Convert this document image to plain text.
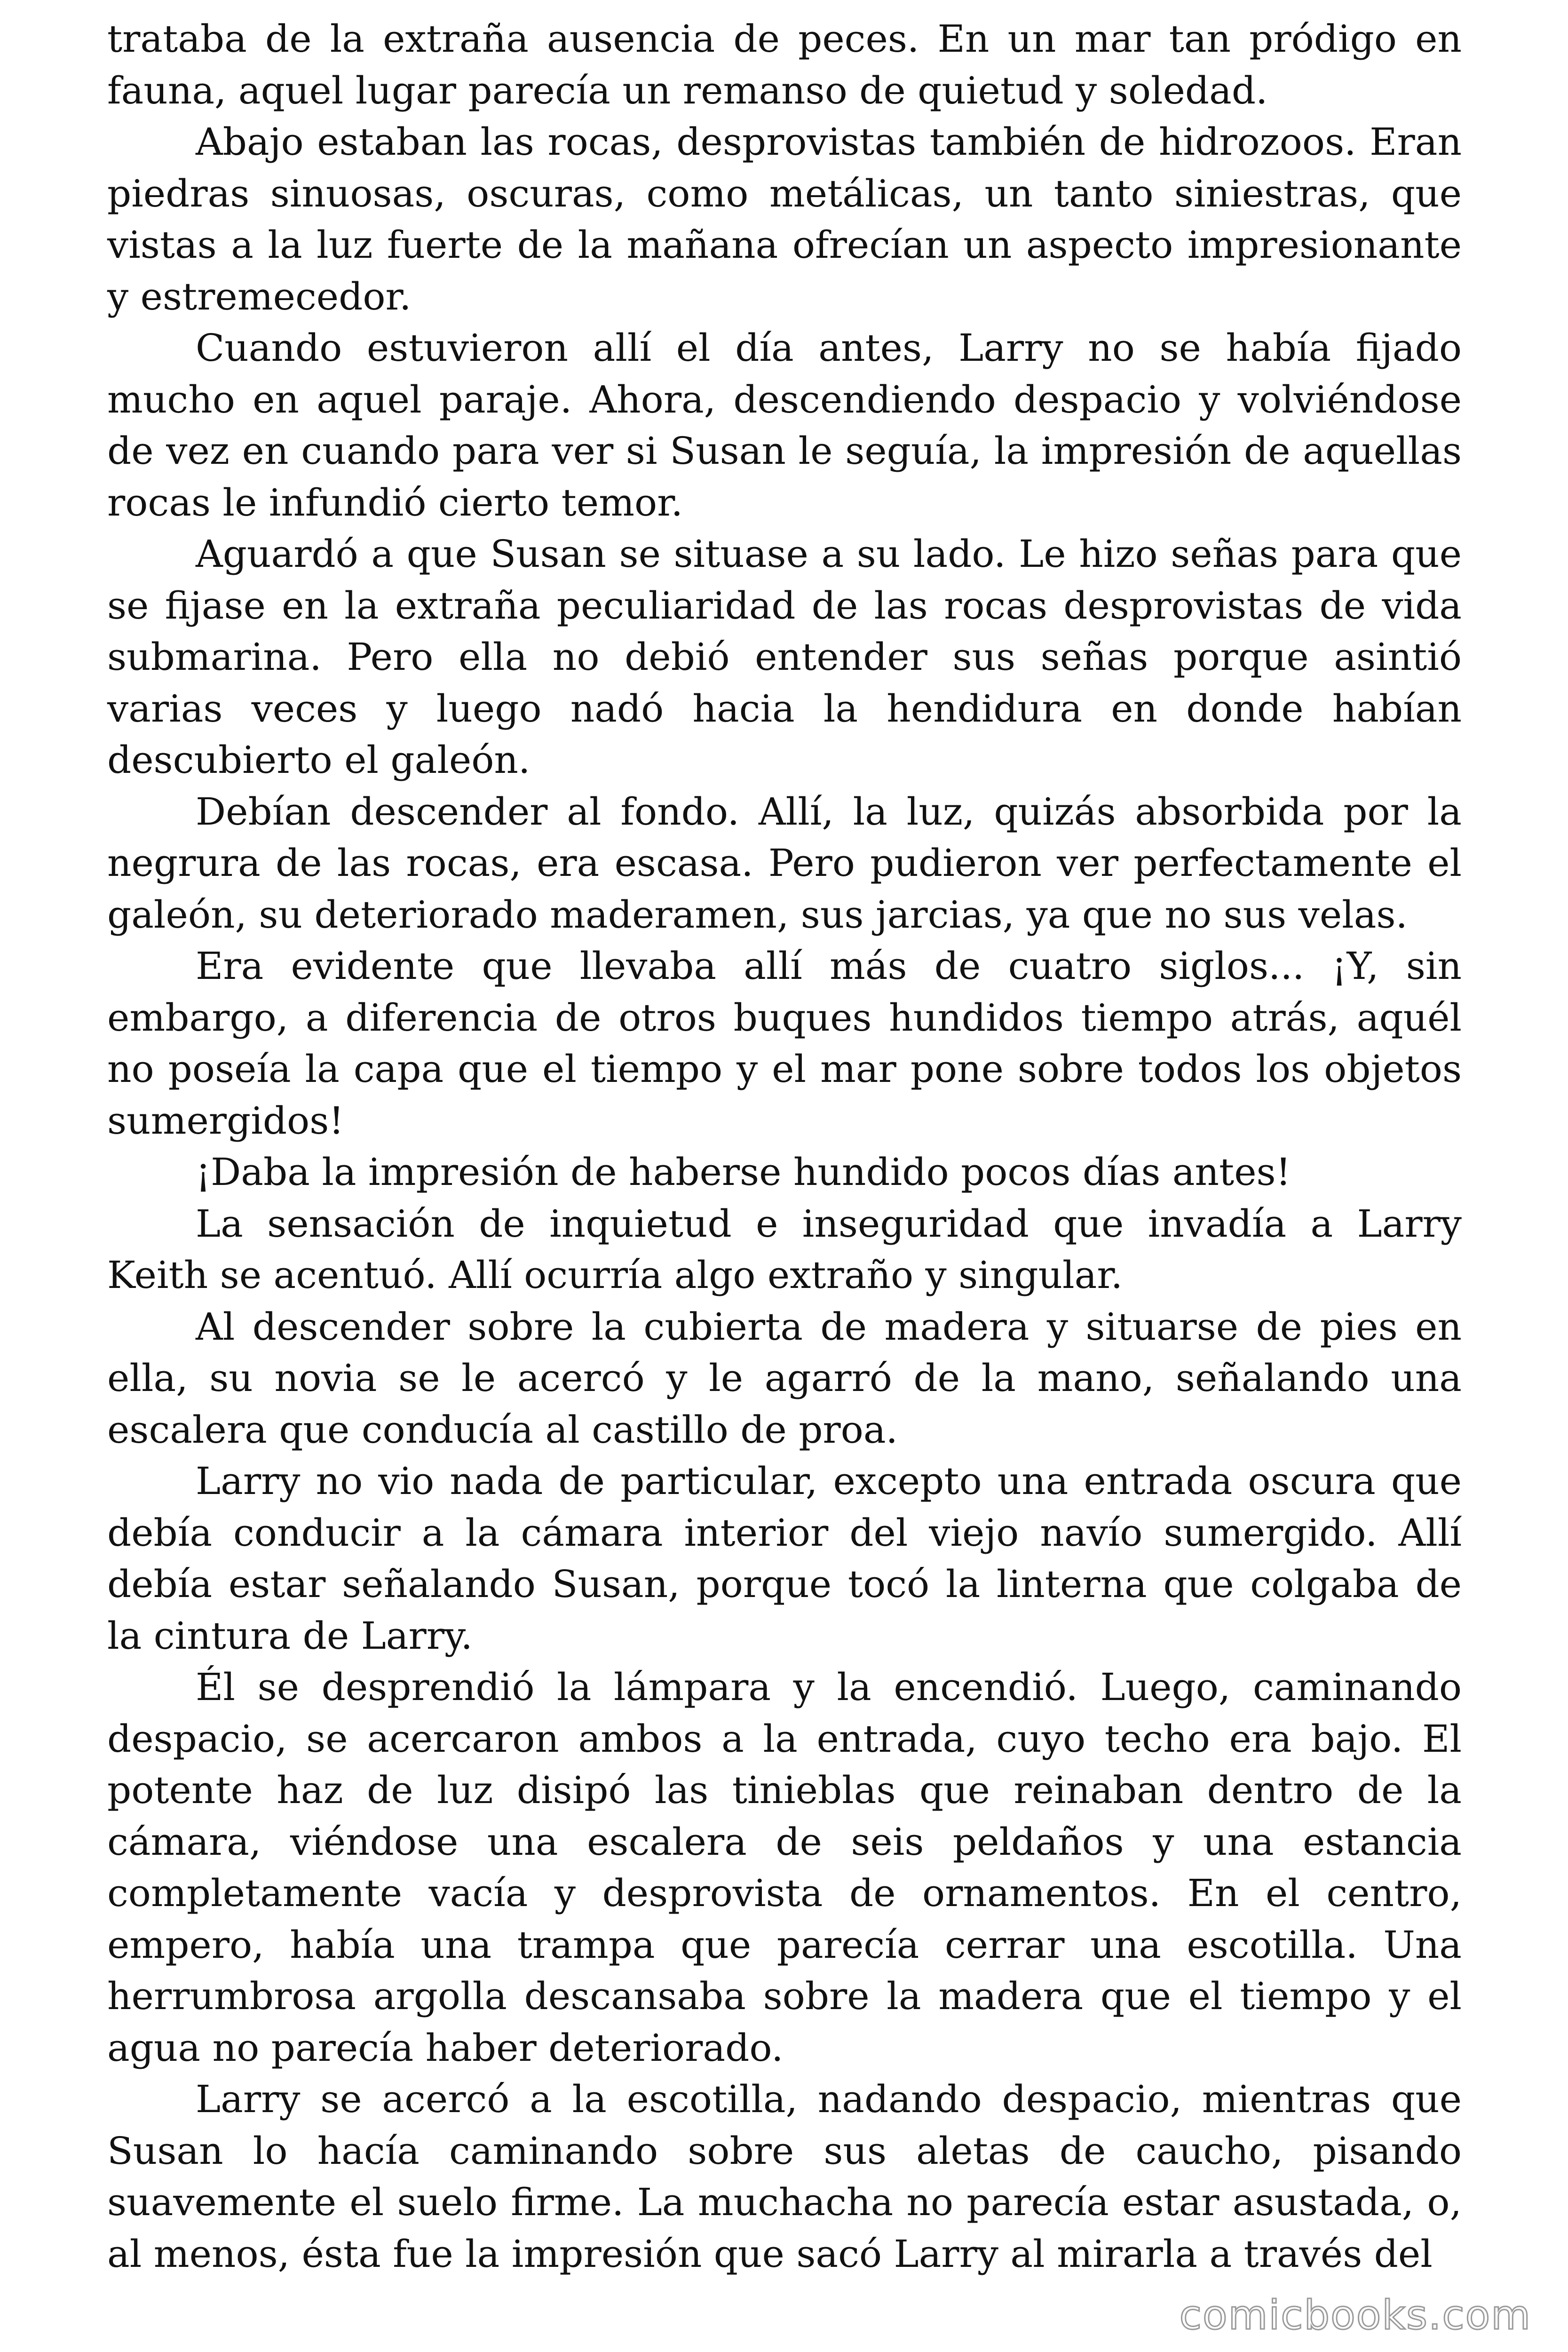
trataba de la extraña ausencia de peces. En un mar tan pródigo en fauna, aquel lugar parecía un remanso de quietud y soledad.

Abajo estaban las rocas, desprovistas también de hidrozoos. Eran piedras sinuosas, oscuras, como metálicas, un tanto siniestras, que vistas a la luz fuerte de la mañana ofrecían un aspecto impresionante y estremecedor.

Cuando estuvieron allí el día antes, Larry no se había fijado mucho en aquel paraje. Ahora, descendiendo despacio y volviéndose de vez en cuando para ver si Susan le seguía, la impresión de aquellas rocas le infundió cierto temor.

Aguardó a que Susan se situase a su lado. Le hizo señas para que se fijase en la extraña peculiaridad de las rocas desprovistas de vida submarina. Pero ella no debió entender sus señas porque asintió varias veces y luego nadó hacia la hendidura en donde habían descubierto el galeón.

Debían descender al fondo. Allí, la luz, quizás absorbida por la negrura de las rocas, era escasa. Pero pudieron ver perfectamente el galeón, su deteriorado maderamen, sus jarcias, ya que no sus velas.

Era evidente que llevaba allí más de cuatro siglos... ¡Y, sin embargo, a diferencia de otros buques hundidos tiempo atrás, aquél no poseía la capa que el tiempo y el mar pone sobre todos los objetos sumergidos!

¡Daba la impresión de haberse hundido pocos días antes!

La sensación de inquietud e inseguridad que invadía a Larry Keith se acentuó. Allí ocurría algo extraño y singular.

Al descender sobre la cubierta de madera y situarse de pies en ella, su novia se le acercó y le agarró de la mano, señalando una escalera que conducía al castillo de proa.

Larry no vio nada de particular, excepto una entrada oscura que debía conducir a la cámara interior del viejo navío sumergido. Allí debía estar señalando Susan, porque tocó la linterna que colgaba de la cintura de Larry.

Él se desprendió la lámpara y la encendió. Luego, caminando despacio, se acercaron ambos a la entrada, cuyo techo era bajo. El potente haz de luz disipó las tinieblas que reinaban dentro de la cámara, viéndose una escalera de seis peldaños y una estancia completamente vacía y desprovista de ornamentos. En el centro, empero, había una trampa que parecía cerrar una escotilla. Una herrumbrosa argolla descansaba sobre la madera que el tiempo y el agua no parecía haber deteriorado.

Larry se acercó a la escotilla, nadando despacio, mientras que Susan lo hacía caminando sobre sus aletas de caucho, pisando suavemente el suelo firme. La muchacha no parecía estar asustada, o, al menos, ésta fue la impresión que sacó Larry al mirarla a través del

comicbooks.com
